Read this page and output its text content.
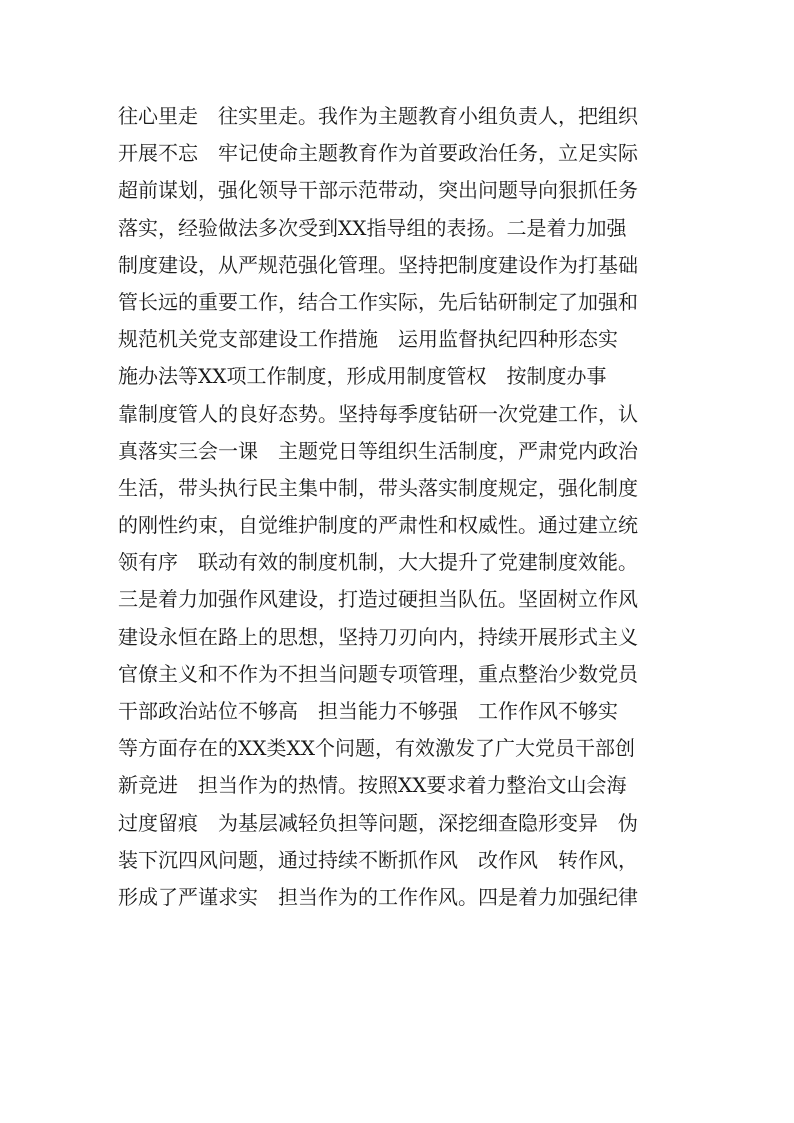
往心里走　往实里走。我作为主题教育小组负责人，把组织
开展不忘　牢记使命主题教育作为首要政治任务，立足实际
超前谋划，强化领导干部示范带动，突出问题导向狠抓任务
落实，经验做法多次受到XX指导组的表扬。二是着力加强
制度建设，从严规范强化管理。坚持把制度建设作为打基础
管长远的重要工作，结合工作实际，先后钻研制定了加强和
规范机关党支部建设工作措施　运用监督执纪四种形态实
施办法等XX项工作制度，形成用制度管权　按制度办事
靠制度管人的良好态势。坚持每季度钻研一次党建工作，认
真落实三会一课　主题党日等组织生活制度，严肃党内政治
生活，带头执行民主集中制，带头落实制度规定，强化制度
的刚性约束，自觉维护制度的严肃性和权威性。通过建立统
领有序　联动有效的制度机制，大大提升了党建制度效能。
三是着力加强作风建设，打造过硬担当队伍。坚固树立作风
建设永恒在路上的思想，坚持刀刃向内，持续开展形式主义
官僚主义和不作为不担当问题专项管理，重点整治少数党员
干部政治站位不够高　担当能力不够强　工作作风不够实
等方面存在的XX类XX个问题，有效激发了广大党员干部创
新竞进　担当作为的热情。按照XX要求着力整治文山会海
过度留痕　为基层减轻负担等问题，深挖细查隐形变异　伪
装下沉四风问题，通过持续不断抓作风　改作风　转作风，
形成了严谨求实　担当作为的工作作风。四是着力加强纪律
